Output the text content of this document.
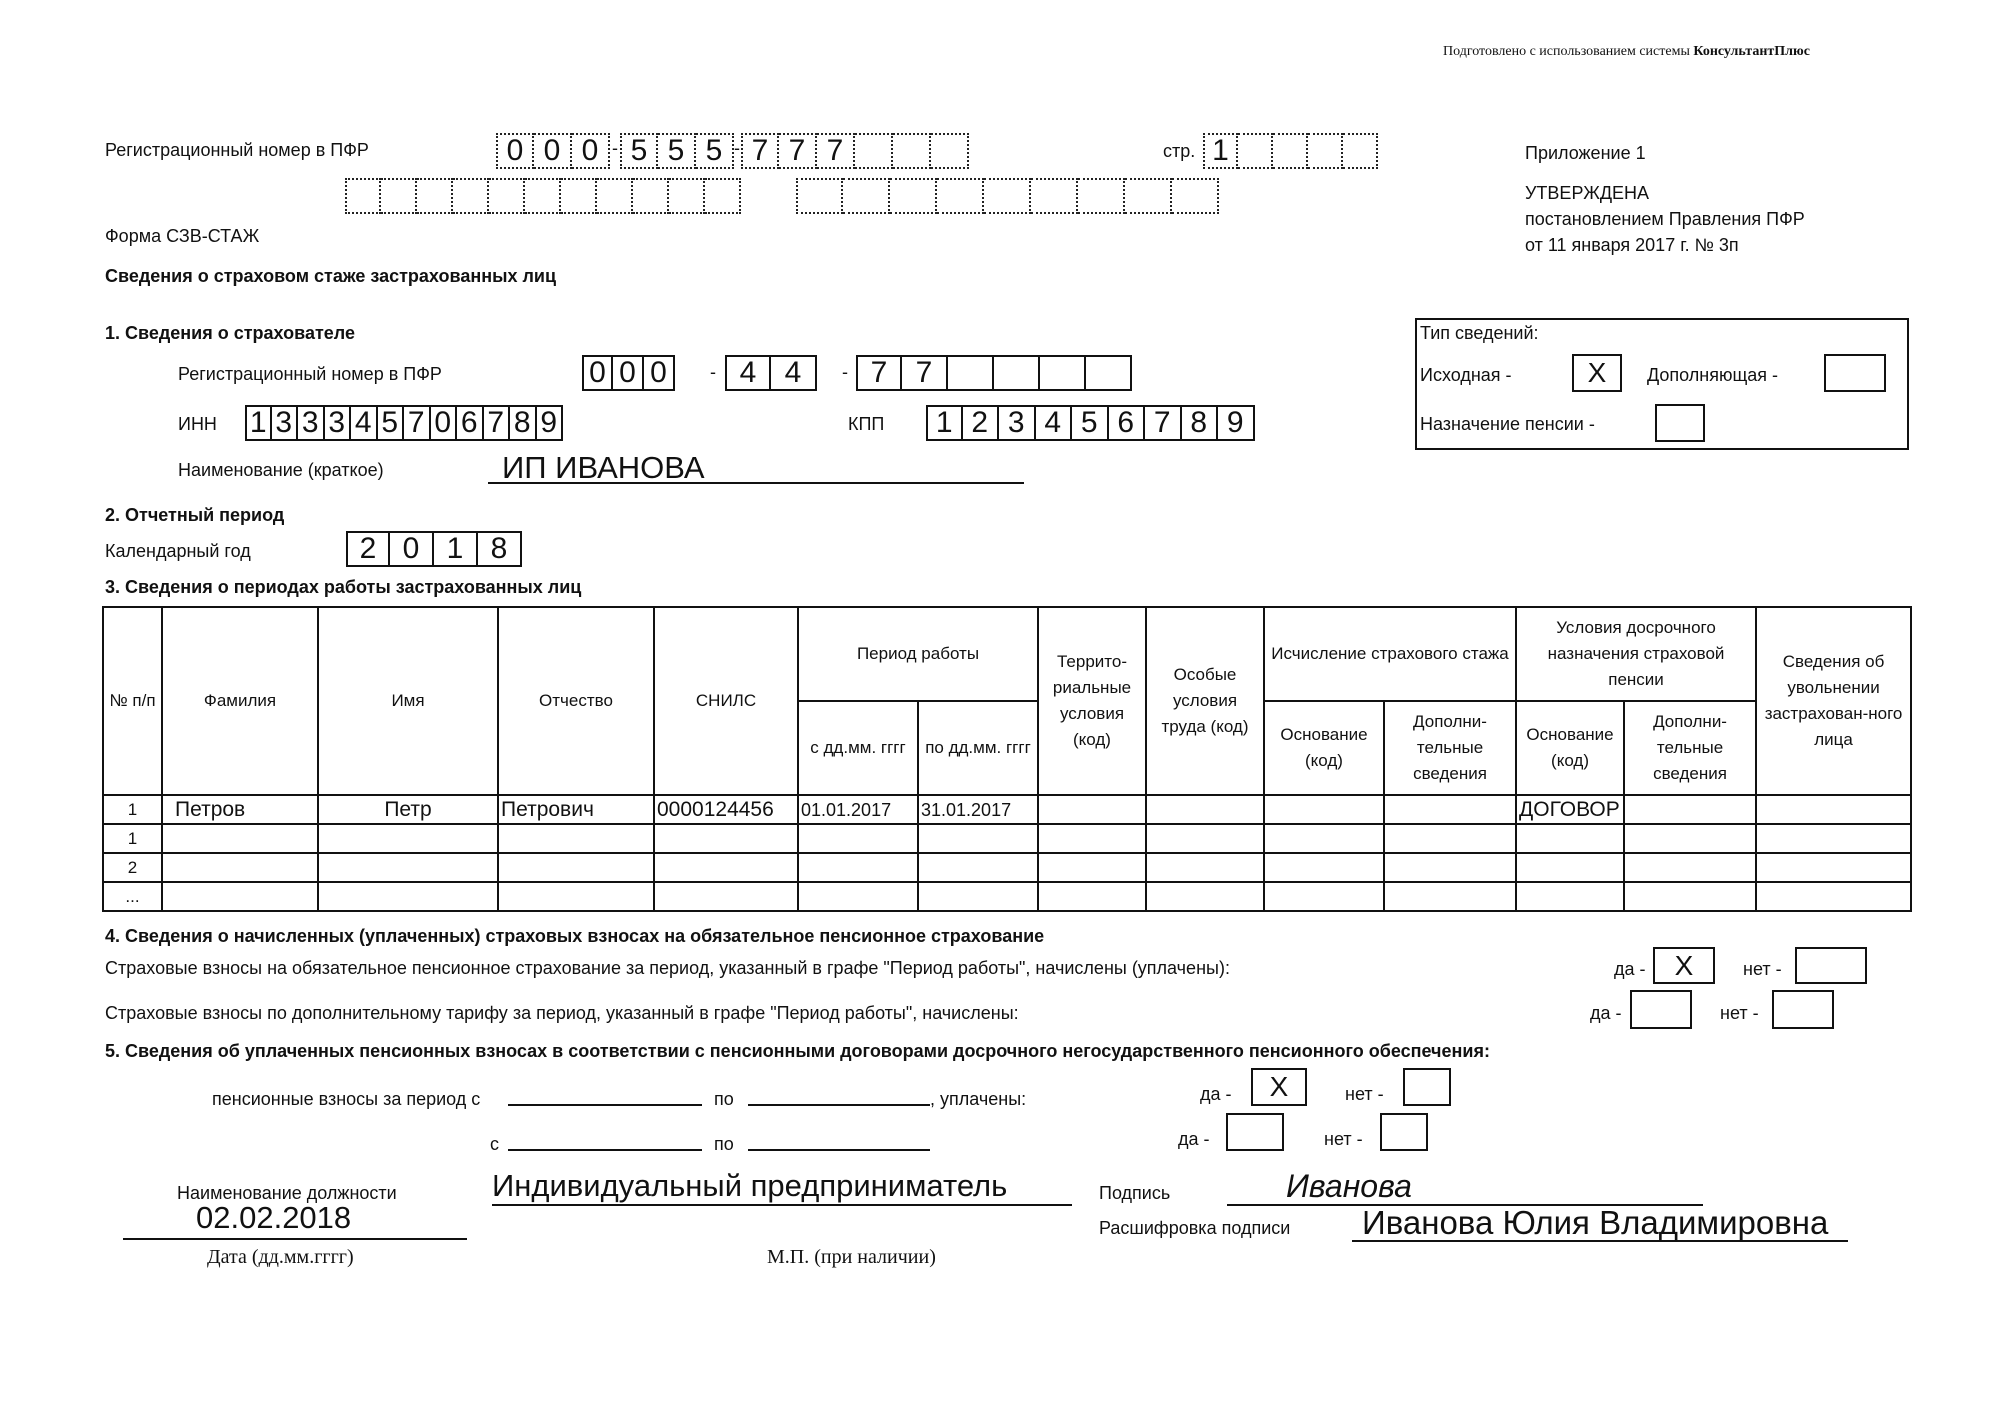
Подготовлено с использованием системы КонсультантПлюс
Приложение 1
УТВЕРЖДЕНА
постановлением Правления ПФР
от 11 января 2017 г. № 3п
Регистрационный номер в ПФР	0 0 0 - 5 5 5 - 7 7 7	стр. 1
Форма СЗВ-СТАЖ
Сведения о страховом стаже застрахованных лиц
1. Сведения о страхователе
Регистрационный номер в ПФР	0 0 0	- 4 4	- 7 7
ИНН 1 3 3 3 4 5 7 0 6 7 8 9	КПП	1 2 3 4 5 6 7 8 9
Наименование (краткое)	ИП ИВАНОВА
Тип сведений:
Исходная -	X	Дополняющая -
Назначение пенсии -
2. Отчетный период
Календарный год	2 0 1 8
3. Сведения о периодах работы застрахованных лиц
№ п/п	Фамилия	Имя	Отчество	СНИЛС	Период работы		Террито-риальные условия (код)	Особые условия труда (код)	Исчисление страхового стажа		Условия досрочного назначения страховой пенсии		Сведения об увольнении застрахован-ного лица
					с дд.мм. гггг	по дд.мм. гггг			Основание (код)	Дополни-тельные сведения	Основание (код)	Дополни-тельные сведения	
1	Петров	Петр	Петрович	0000124456	01.01.2017	31.01.2017					ДОГОВОР		
1													
2													
...													
4. Сведения о начисленных (уплаченных) страховых взносах на обязательное пенсионное страхование
Страховые взносы на обязательное пенсионное страхование за период, указанный в графе "Период работы", начислены (уплачены):	да -	X	нет -
Страховые взносы по дополнительному тарифу за период, указанный в графе "Период работы", начислены:	да -	нет -
5. Сведения об уплаченных пенсионных взносах в соответствии с пенсионными договорами досрочного негосударственного пенсионного обеспечения:
пенсионные взносы за период с	по	, уплачены:	да -	X	нет -
с	по	да -	нет -
Наименование должности	Индивидуальный предприниматель
02.02.2018
Дата (дд.мм.гггг)	М.П. (при наличии)
Подпись	Иванова
Расшифровка подписи Иванова Юлия Владимировна
